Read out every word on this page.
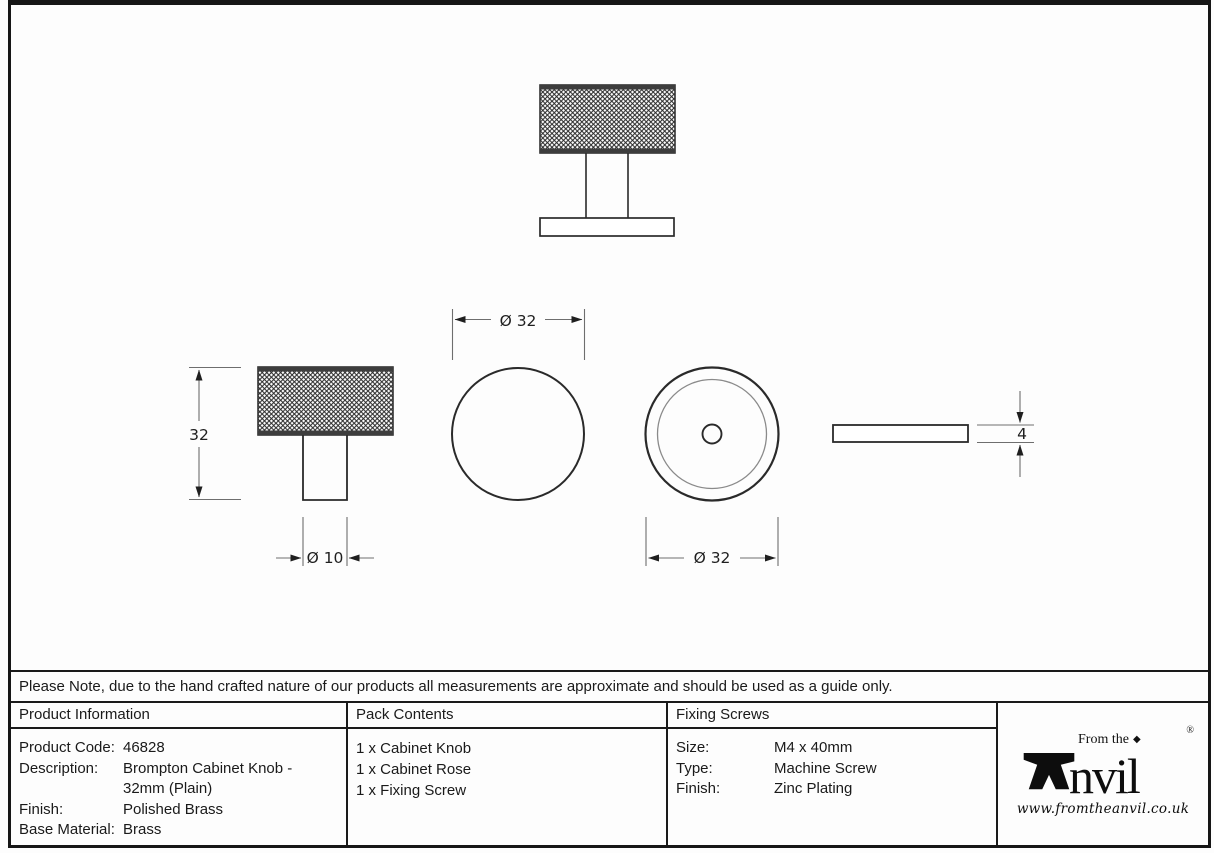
32
Ø 10
Ø 32
Ø 32
4
Please Note, due to the hand crafted nature of our products all measurements are approximate and should be used as a guide only.
Product Information	Pack Contents	Fixing Screws
Product Code: 46828
Description:	Brompton Cabinet Knob - 32mm (Plain)
Finish:	Polished Brass
Base Material: Brass
1 x Cabinet Knob
1 x Cabinet Rose
1 x Fixing Screw
Size:	M4 x 40mm
Type:	Machine Screw
Finish:	Zinc Plating	nvil
From the ◆
®
www.fromtheanvil.co.uk
